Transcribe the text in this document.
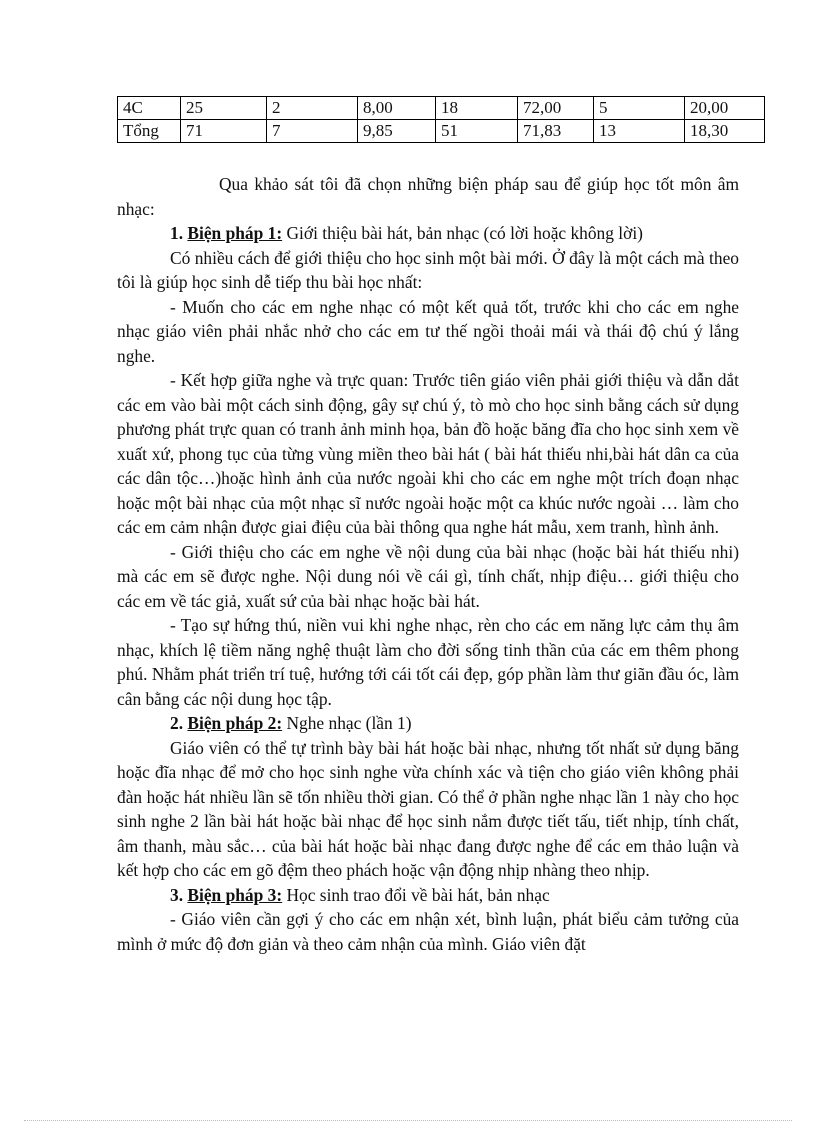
4C	25	2	8,00	18	72,00	5	20,00
Tổng	71	7	9,85	51	71,83	13	18,30

Qua khảo sát tôi đã chọn những biện pháp sau để giúp học tốt môn âm nhạc:

1. Biện pháp 1: Giới thiệu bài hát, bản nhạc (có lời hoặc không lời)

Có nhiều cách để giới thiệu cho học sinh một bài mới. Ở đây là một cách mà theo tôi là giúp học sinh dễ tiếp thu bài học nhất:

- Muốn cho các em nghe nhạc có một kết quả tốt, trước khi cho các em nghe nhạc giáo viên phải nhắc nhở cho các em tư thế ngồi thoải mái và thái độ chú ý lắng nghe.

- Kết hợp giữa nghe và trực quan: Trước tiên giáo viên phải giới thiệu và dẫn dắt các em vào bài một cách sinh động, gây sự chú ý, tò mò cho học sinh bằng cách sử dụng phương phát trực quan có tranh ảnh minh họa, bản đồ hoặc băng đĩa cho học sinh xem về xuất xứ, phong tục của từng vùng miền theo bài hát ( bài hát thiếu nhi,bài hát dân ca của các dân tộc…)hoặc hình ảnh của nước ngoài khi cho các em nghe một trích đoạn nhạc hoặc một bài nhạc của một nhạc sĩ nước ngoài hoặc một ca khúc nước ngoài … làm cho các em cảm nhận được giai điệu của bài thông qua nghe hát mẫu, xem tranh, hình ảnh.

- Giới thiệu cho các em nghe về nội dung của bài nhạc (hoặc bài hát thiếu nhi) mà các em sẽ được nghe. Nội dung nói về cái gì, tính chất, nhịp điệu… giới thiệu cho các em về tác giả, xuất sứ của bài nhạc hoặc bài hát.

- Tạo sự hứng thú, niền vui khi nghe nhạc, rèn cho các em năng lực cảm thụ âm nhạc, khích lệ tiềm năng nghệ thuật làm cho đời sống tinh thần của các em thêm phong phú. Nhằm phát triển trí tuệ, hướng tới cái tốt cái đẹp, góp phần làm thư giãn đầu óc, làm cân bằng các nội dung học tập.

2. Biện pháp 2: Nghe nhạc (lần 1)

Giáo viên có thể tự trình bày bài hát hoặc bài nhạc, nhưng tốt nhất sử dụng băng hoặc đĩa nhạc để mở cho học sinh nghe vừa chính xác và tiện cho giáo viên không phải đàn hoặc hát nhiều lần sẽ tốn nhiều thời gian. Có thể ở phần nghe nhạc lần 1 này cho học sinh nghe 2 lần bài hát hoặc bài nhạc để học sinh nắm được tiết tấu, tiết nhịp, tính chất, âm thanh, màu sắc… của bài hát hoặc bài nhạc đang được nghe để các em thảo luận và kết hợp cho các em gõ đệm theo phách hoặc vận động nhịp nhàng theo nhịp.

3. Biện pháp 3: Học sinh trao đổi về bài hát, bản nhạc

- Giáo viên cần gợi ý cho các em nhận xét, bình luận, phát biểu cảm tưởng của mình ở mức độ đơn giản và theo cảm nhận của mình. Giáo viên đặt
